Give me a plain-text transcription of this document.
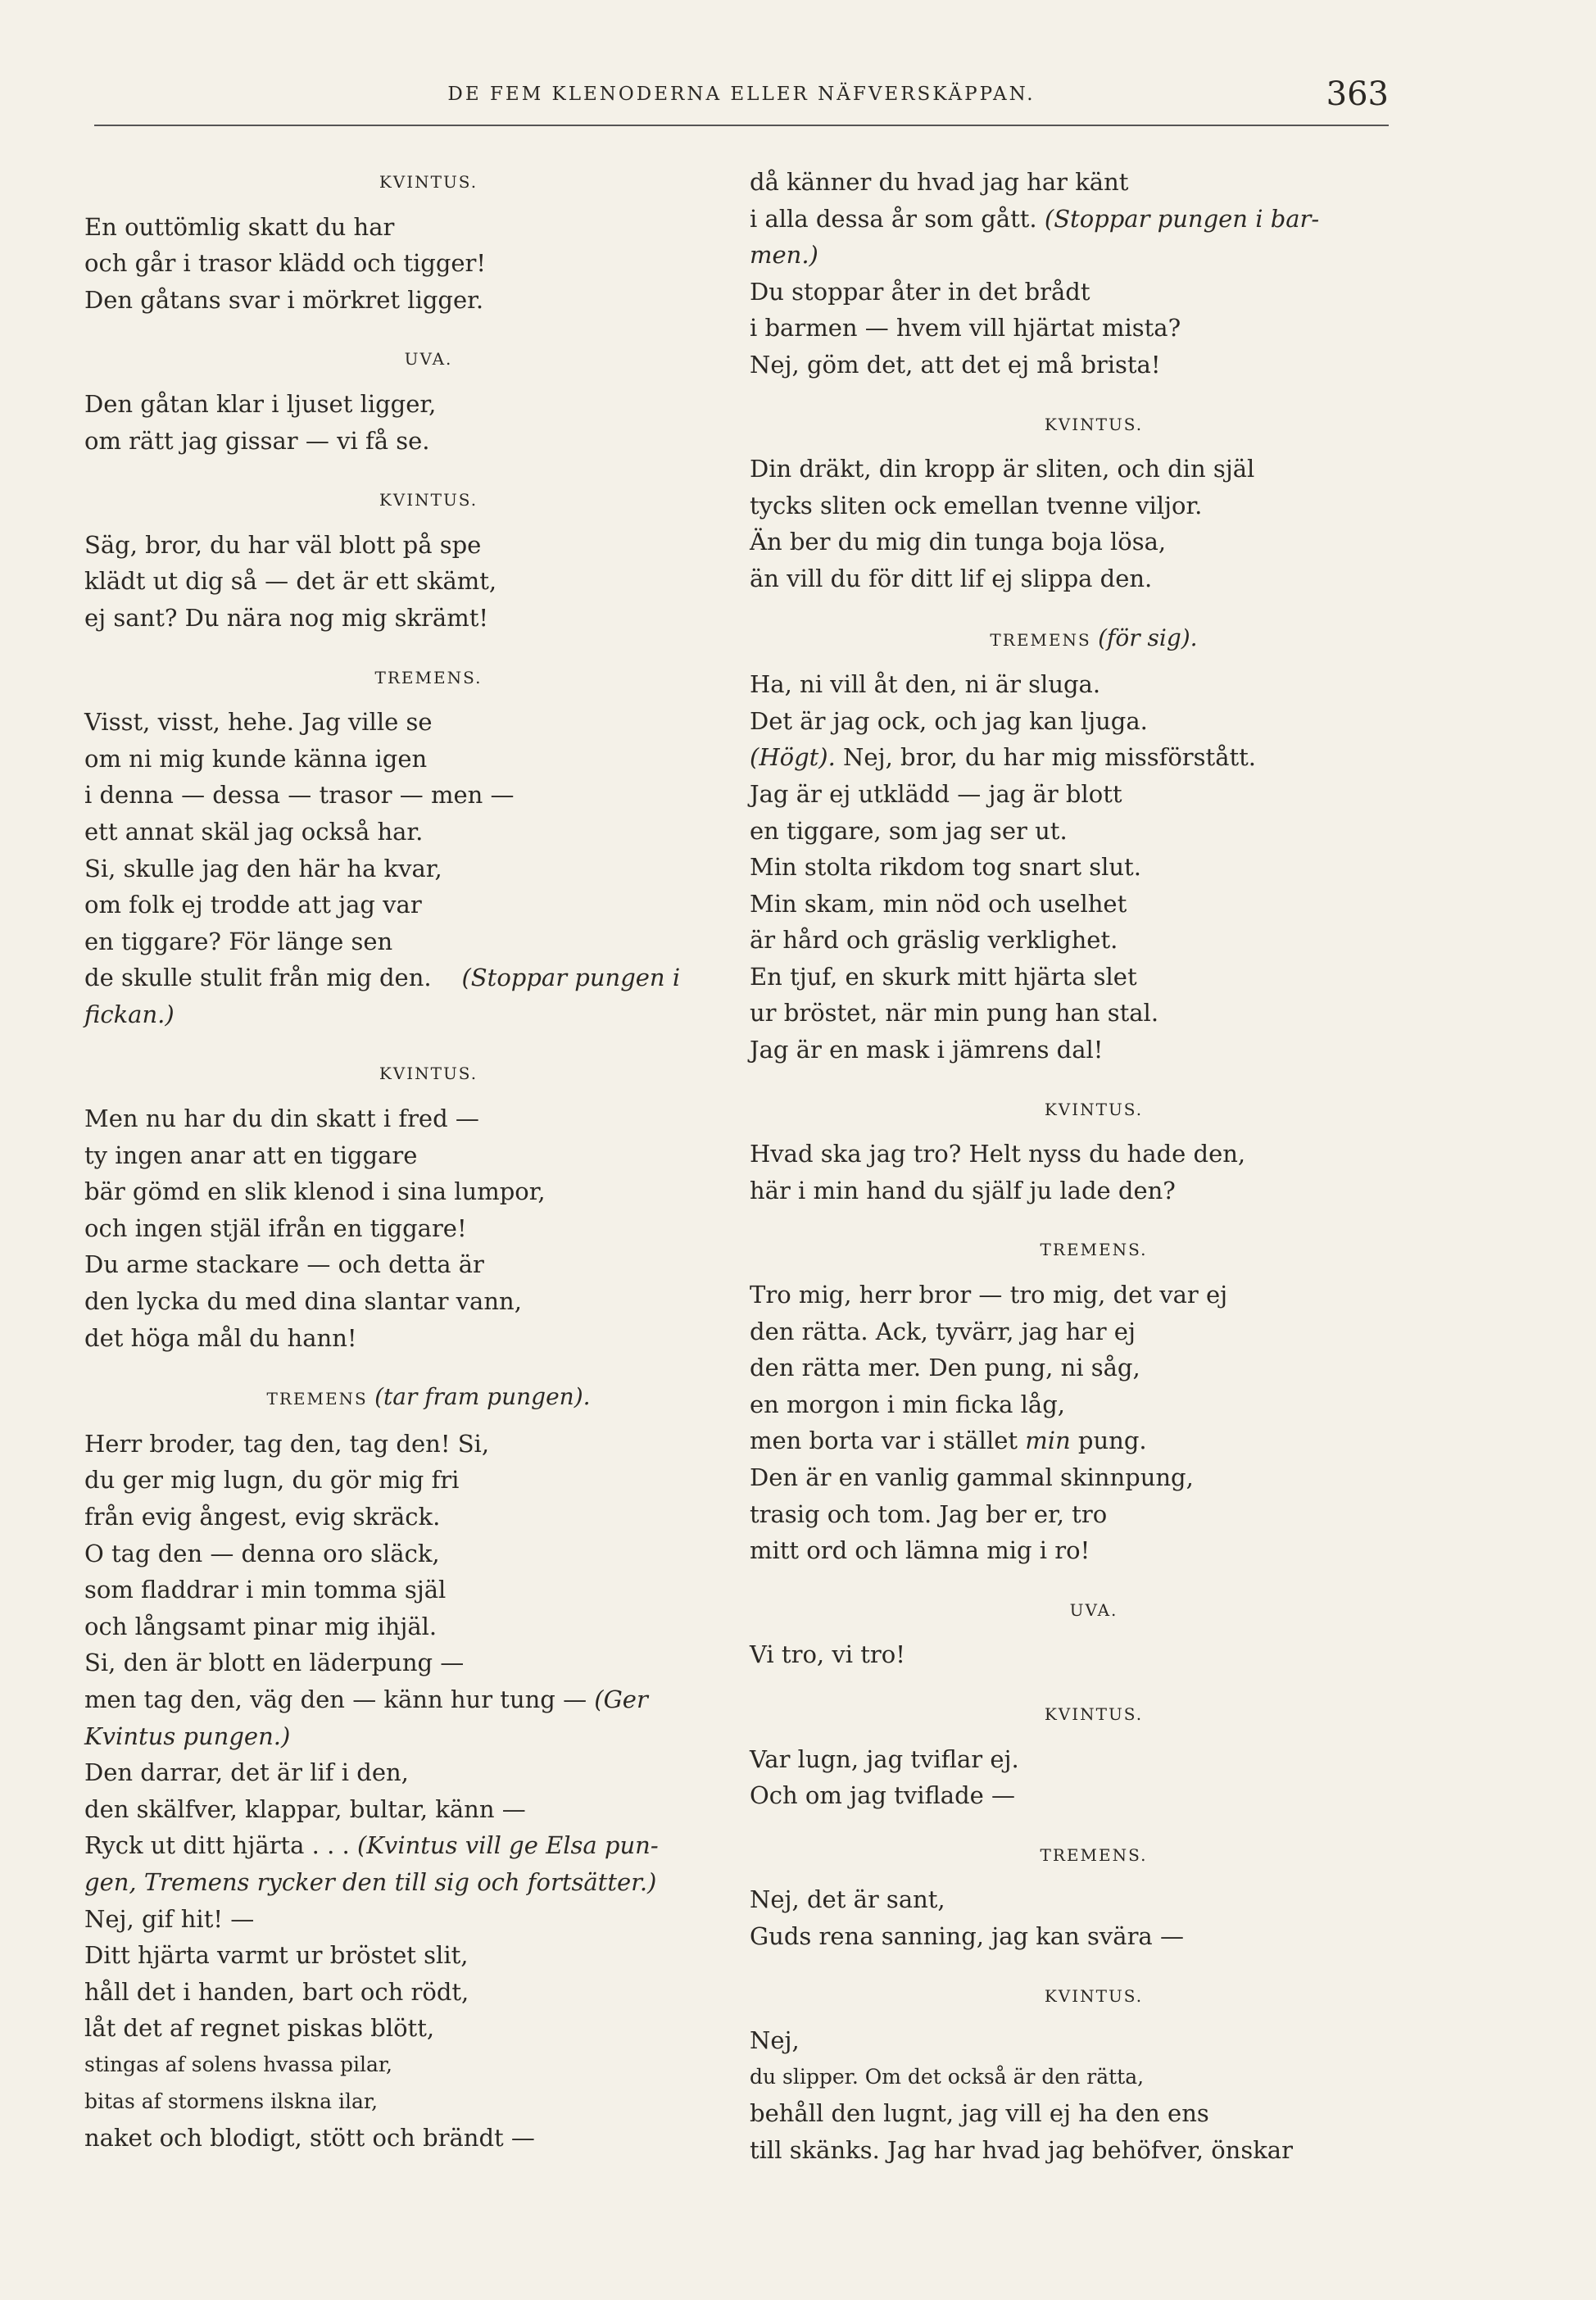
DE FEM KLENODERNA ELLER NÄFVERSKÄPPAN.	363
KVINTUS.
En outtömlig skatt du har
och går i trasor klädd och tigger!
Den gåtans svar i mörkret ligger.
UVA.
Den gåtan klar i ljuset ligger,
om rätt jag gissar — vi få se.
KVINTUS.
Säg, bror, du har väl blott på spe
klädt ut dig så — det är ett skämt,
ej sant? Du nära nog mig skrämt!
TREMENS.
Visst, visst, hehe. Jag ville se
om ni mig kunde känna igen
i denna — dessa — trasor — men —
ett annat skäl jag också har.
Si, skulle jag den här ha kvar,
om folk ej trodde att jag var
en tiggare? För länge sen
de skulle stulit från mig den. (Stoppar pungen i
fickan.)
KVINTUS.
Men nu har du din skatt i fred —
ty ingen anar att en tiggare
bär gömd en slik klenod i sina lumpor,
och ingen stjäl ifrån en tiggare!
Du arme stackare — och detta är
den lycka du med dina slantar vann,
det höga mål du hann!
TREMENS (tar fram pungen).
Herr broder, tag den, tag den! Si,
du ger mig lugn, du gör mig fri
från evig ångest, evig skräck.
O tag den — denna oro släck,
som fladdrar i min tomma själ
och långsamt pinar mig ihjäl.
Si, den är blott en läderpung —
men tag den, väg den — känn hur tung — (Ger
Kvintus pungen.)
Den darrar, det är lif i den,
den skälfver, klappar, bultar, känn —
Ryck ut ditt hjärta . . . (Kvintus vill ge Elsa pun-
gen, Tremens rycker den till sig och fortsätter.)
Nej, gif hit! —
Ditt hjärta varmt ur bröstet slit,
håll det i handen, bart och rödt,
låt det af regnet piskas blött,
stingas af solens hvassa pilar,
bitas af stormens ilskna ilar,
naket och blodigt, stött och brändt —
då känner du hvad jag har känt
i alla dessa år som gått. (Stoppar pungen i bar-
men.)
Du stoppar åter in det brådt
i barmen — hvem vill hjärtat mista?
Nej, göm det, att det ej må brista!
KVINTUS.
Din dräkt, din kropp är sliten, och din själ
tycks sliten ock emellan tvenne viljor.
Än ber du mig din tunga boja lösa,
än vill du för ditt lif ej slippa den.
TREMENS (för sig).
Ha, ni vill åt den, ni är sluga.
Det är jag ock, och jag kan ljuga.
(Högt). Nej, bror, du har mig missförstått.
Jag är ej utklädd — jag är blott
en tiggare, som jag ser ut.
Min stolta rikdom tog snart slut.
Min skam, min nöd och uselhet
är hård och gräslig verklighet.
En tjuf, en skurk mitt hjärta slet
ur bröstet, när min pung han stal.
Jag är en mask i jämrens dal!
KVINTUS.
Hvad ska jag tro? Helt nyss du hade den,
här i min hand du själf ju lade den?
TREMENS.
Tro mig, herr bror — tro mig, det var ej
den rätta. Ack, tyvärr, jag har ej
den rätta mer. Den pung, ni såg,
en morgon i min ficka låg,
men borta var i stället min pung.
Den är en vanlig gammal skinnpung,
trasig och tom. Jag ber er, tro
mitt ord och lämna mig i ro!
UVA.
Vi tro, vi tro!
KVINTUS.
Var lugn, jag tviflar ej.
Och om jag tviflade —
TREMENS.
Nej, det är sant,
Guds rena sanning, jag kan svära —
KVINTUS.
Nej,
du slipper. Om det också är den rätta,
behåll den lugnt, jag vill ej ha den ens
till skänks. Jag har hvad jag behöfver, önskar
